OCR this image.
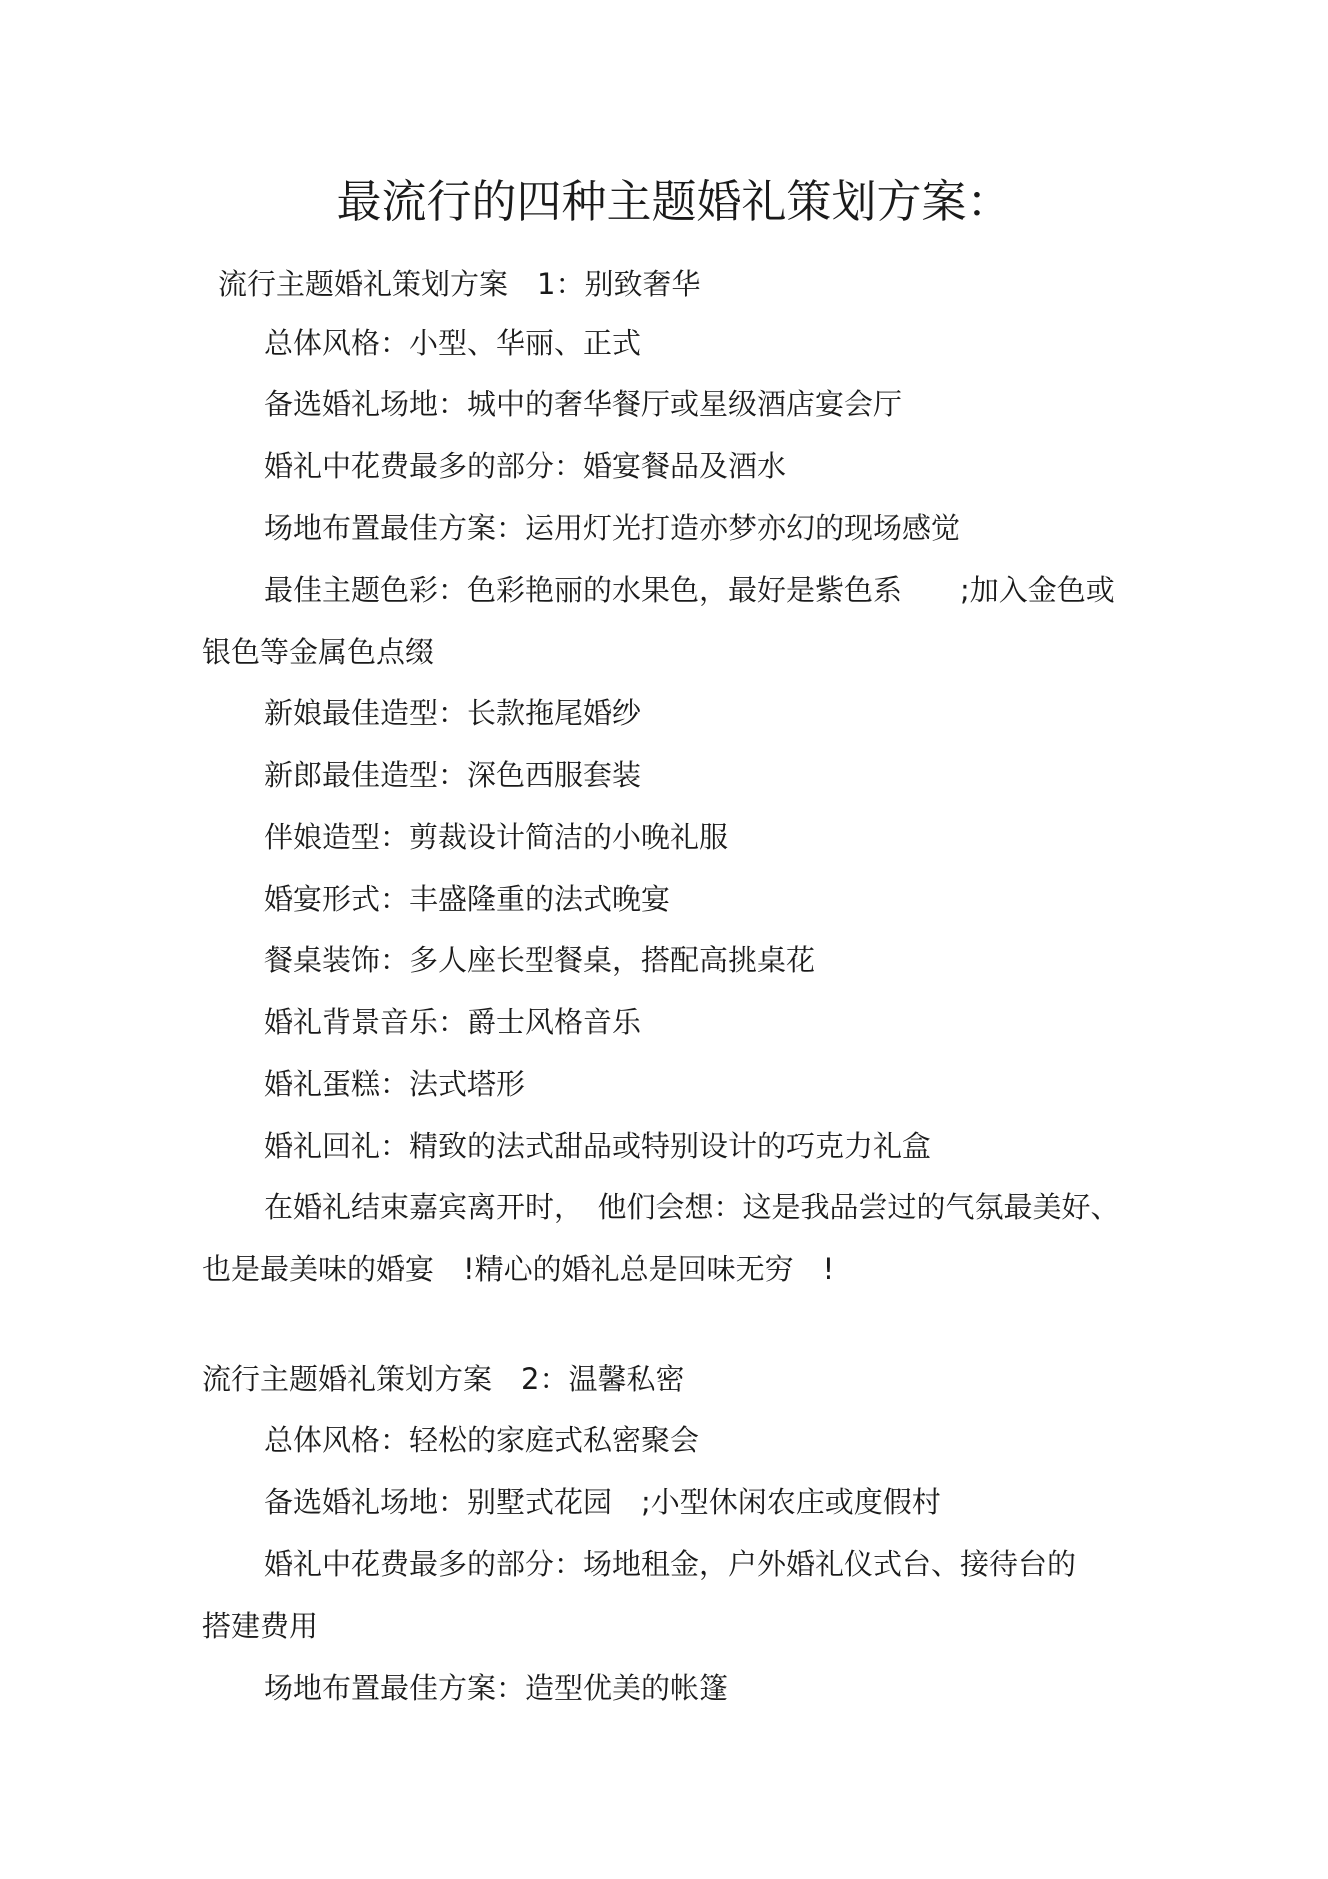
最流行的四种主题婚礼策划方案：

流行主题婚礼策划方案　1：别致奢华

总体风格：小型、华丽、正式

备选婚礼场地：城中的奢华餐厅或星级酒店宴会厅

婚礼中花费最多的部分：婚宴餐品及酒水

场地布置最佳方案：运用灯光打造亦梦亦幻的现场感觉

最佳主题色彩：色彩艳丽的水果色，最好是紫色系　　;加入金色或

银色等金属色点缀

新娘最佳造型：长款拖尾婚纱

新郎最佳造型：深色西服套装

伴娘造型：剪裁设计简洁的小晚礼服

婚宴形式：丰盛隆重的法式晚宴

餐桌装饰：多人座长型餐桌，搭配高挑桌花

婚礼背景音乐：爵士风格音乐

婚礼蛋糕：法式塔形

婚礼回礼：精致的法式甜品或特别设计的巧克力礼盒

在婚礼结束嘉宾离开时，　他们会想：这是我品尝过的气氛最美好、

也是最美味的婚宴　!精心的婚礼总是回味无穷　!

流行主题婚礼策划方案　2：温馨私密

总体风格：轻松的家庭式私密聚会

备选婚礼场地：别墅式花园　;小型休闲农庄或度假村

婚礼中花费最多的部分：场地租金，户外婚礼仪式台、接待台的

搭建费用

场地布置最佳方案：造型优美的帐篷
